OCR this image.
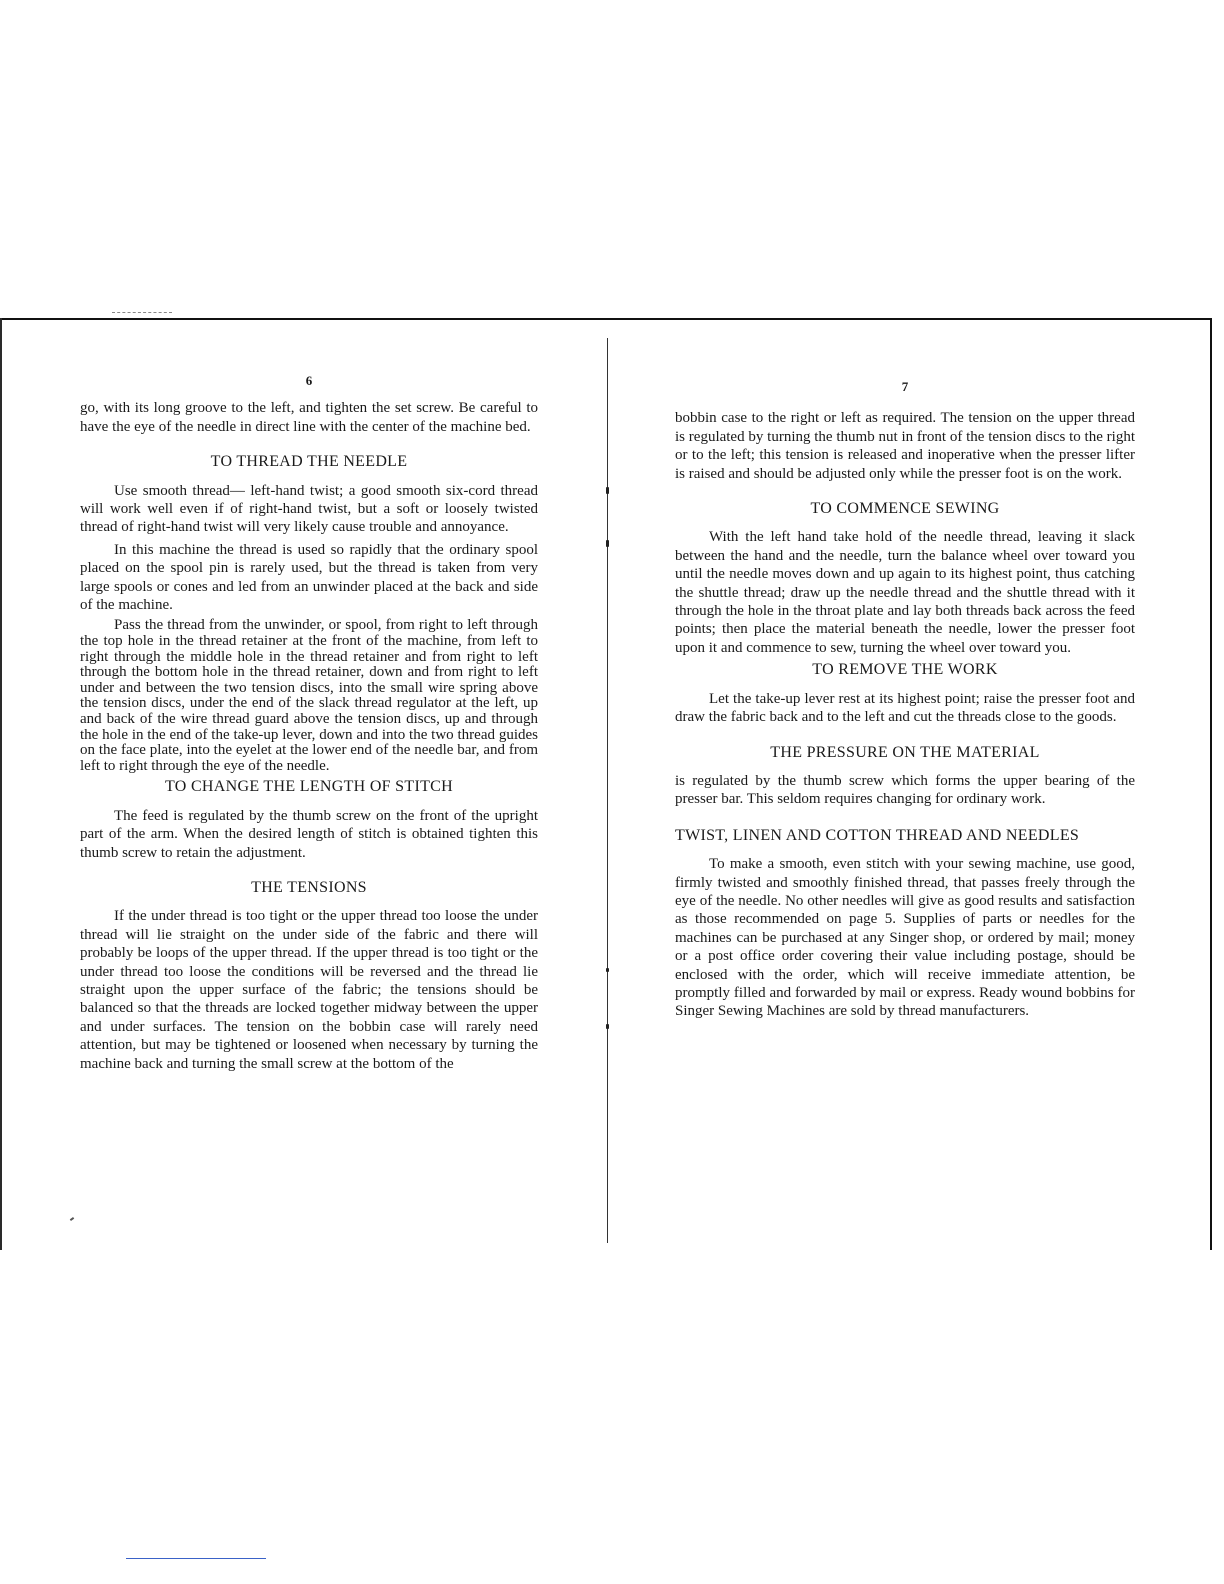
6

go, with its long groove to the left, and tighten the set screw. Be careful to have the eye of the needle in direct line with the center of the machine bed.

TO THREAD THE NEEDLE

Use smooth thread— left-hand twist; a good smooth six-cord thread will work well even if of right-hand twist, but a soft or loosely twisted thread of right-hand twist will very likely cause trouble and annoyance.

In this machine the thread is used so rapidly that the ordinary spool placed on the spool pin is rarely used, but the thread is taken from very large spools or cones and led from an unwinder placed at the back and side of the machine.

Pass the thread from the unwinder, or spool, from right to left through the top hole in the thread retainer at the front of the machine, from left to right through the middle hole in the thread retainer and from right to left through the bottom hole in the thread retainer, down and from right to left under and between the two tension discs, into the small wire spring above the tension discs, under the end of the slack thread regulator at the left, up and back of the wire thread guard above the tension discs, up and through the hole in the end of the take-up lever, down and into the two thread guides on the face plate, into the eyelet at the lower end of the needle bar, and from left to right through the eye of the needle.

TO CHANGE THE LENGTH OF STITCH

The feed is regulated by the thumb screw on the front of the upright part of the arm. When the desired length of stitch is obtained tighten this thumb screw to retain the adjustment.

THE TENSIONS

If the under thread is too tight or the upper thread too loose the under thread will lie straight on the under side of the fabric and there will probably be loops of the upper thread. If the upper thread is too tight or the under thread too loose the conditions will be reversed and the thread lie straight upon the upper surface of the fabric; the tensions should be balanced so that the threads are locked together midway between the upper and under surfaces. The tension on the bobbin case will rarely need attention, but may be tightened or loosened when necessary by turning the machine back and turning the small screw at the bottom of the

7

bobbin case to the right or left as required. The tension on the upper thread is regulated by turning the thumb nut in front of the tension discs to the right or to the left; this tension is released and inoperative when the presser lifter is raised and should be adjusted only while the presser foot is on the work.

TO COMMENCE SEWING

With the left hand take hold of the needle thread, leaving it slack between the hand and the needle, turn the balance wheel over toward you until the needle moves down and up again to its highest point, thus catching the shuttle thread; draw up the needle thread and the shuttle thread with it through the hole in the throat plate and lay both threads back across the feed points; then place the material beneath the needle, lower the presser foot upon it and commence to sew, turning the wheel over toward you.

TO REMOVE THE WORK

Let the take-up lever rest at its highest point; raise the presser foot and draw the fabric back and to the left and cut the threads close to the goods.

THE PRESSURE ON THE MATERIAL

is regulated by the thumb screw which forms the upper bearing of the presser bar. This seldom requires changing for ordinary work.

TWIST, LINEN AND COTTON THREAD AND NEEDLES

To make a smooth, even stitch with your sewing machine, use good, firmly twisted and smoothly finished thread, that passes freely through the eye of the needle. No other needles will give as good results and satisfaction as those recommended on page 5. Supplies of parts or needles for the machines can be purchased at any Singer shop, or ordered by mail; money or a post office order covering their value including postage, should be enclosed with the order, which will receive immediate attention, be promptly filled and forwarded by mail or express. Ready wound bobbins for Singer Sewing Machines are sold by thread manufacturers.
